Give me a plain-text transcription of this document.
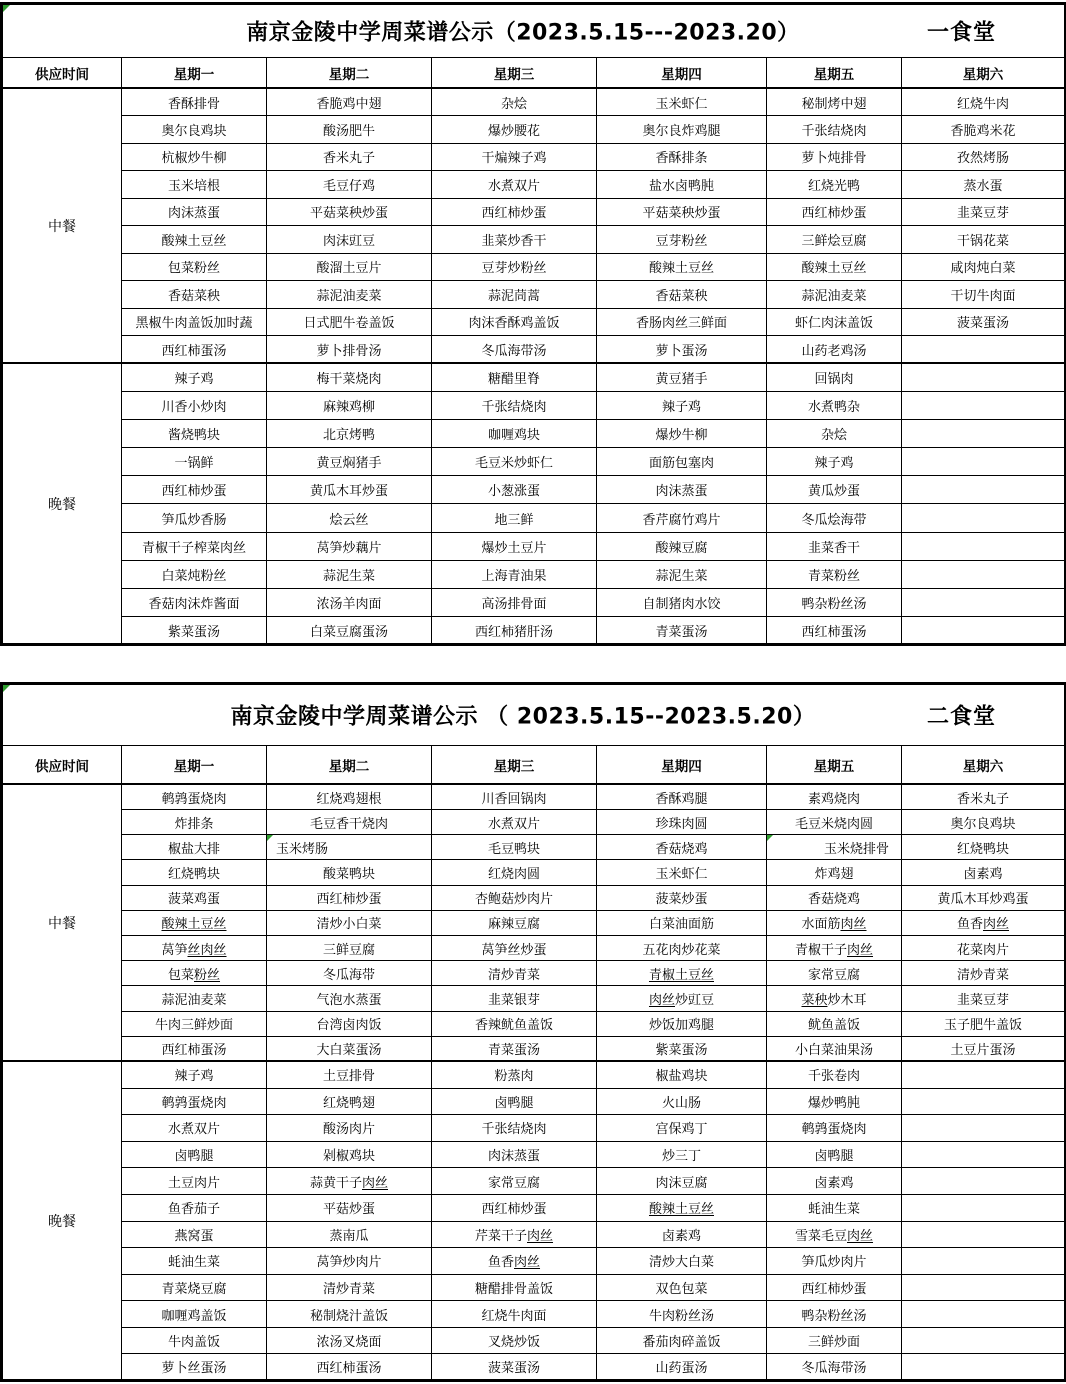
南京金陵中学周菜谱公示（2023.5.15---2023.20） 一食堂						

供应时间	星期一	星期二	星期三	星期四	星期五	星期六
中餐	香酥排骨	香脆鸡中翅	杂烩	玉米虾仁	秘制烤中翅	红烧牛肉
	奥尔良鸡块	酸汤肥牛	爆炒腰花	奥尔良炸鸡腿	千张结烧肉	香脆鸡米花
	杭椒炒牛柳	香米丸子	干煸辣子鸡	香酥排条	萝卜炖排骨	孜然烤肠
	玉米培根	毛豆仔鸡	水煮双片	盐水卤鸭肫	红烧光鸭	蒸水蛋
	肉沫蒸蛋	平菇菜秧炒蛋	西红柿炒蛋	平菇菜秧炒蛋	西红柿炒蛋	韭菜豆芽
	酸辣土豆丝	肉沫豇豆	韭菜炒香干	豆芽粉丝	三鲜烩豆腐	干锅花菜
	包菜粉丝	酸溜土豆片	豆芽炒粉丝	酸辣土豆丝	酸辣土豆丝	咸肉炖白菜
	香菇菜秧	蒜泥油麦菜	蒜泥茼蒿	香菇菜秧	蒜泥油麦菜	干切牛肉面
	黑椒牛肉盖饭加时蔬	日式肥牛卷盖饭	肉沫香酥鸡盖饭	香肠肉丝三鲜面	虾仁肉沫盖饭	菠菜蛋汤
	西红柿蛋汤	萝卜排骨汤	冬瓜海带汤	萝卜蛋汤	山药老鸡汤	
晚餐	辣子鸡	梅干菜烧肉	糖醋里脊	黄豆猪手	回锅肉	
	川香小炒肉	麻辣鸡柳	千张结烧肉	辣子鸡	水煮鸭杂	
	酱烧鸭块	北京烤鸭	咖喱鸡块	爆炒牛柳	杂烩	
	一锅鲜	黄豆焖猪手	毛豆米炒虾仁	面筋包塞肉	辣子鸡	
	西红柿炒蛋	黄瓜木耳炒蛋	小葱涨蛋	肉沫蒸蛋	黄瓜炒蛋	
	笋瓜炒香肠	烩云丝	地三鲜	香芹腐竹鸡片	冬瓜烩海带	
	青椒干子榨菜肉丝	莴笋炒藕片	爆炒土豆片	酸辣豆腐	韭菜香干	
	白菜炖粉丝	蒜泥生菜	上海青油果	蒜泥生菜	青菜粉丝	
	香菇肉沫炸酱面	浓汤羊肉面	高汤排骨面	自制猪肉水饺	鸭杂粉丝汤	
	紫菜蛋汤	白菜豆腐蛋汤	西红柿猪肝汤	青菜蛋汤	西红柿蛋汤	
南京金陵中学周菜谱公示 （ 2023.5.15--2023.5.20） 二食堂						

供应时间	星期一	星期二	星期三	星期四	星期五	星期六
中餐	鹌鹑蛋烧肉	红烧鸡翅根	川香回锅肉	香酥鸡腿	素鸡烧肉	香米丸子
	炸排条	毛豆香干烧肉	水煮双片	珍珠肉圆	毛豆米烧肉圆	奥尔良鸡块
	椒盐大排	玉米烤肠	毛豆鸭块	香菇烧鸡	玉米烧排骨	红烧鸭块
	红烧鸭块	酸菜鸭块	红烧肉圆	玉米虾仁	炸鸡翅	卤素鸡
	菠菜鸡蛋	西红柿炒蛋	杏鲍菇炒肉片	菠菜炒蛋	香菇烧鸡	黄瓜木耳炒鸡蛋
	酸辣土豆丝	清炒小白菜	麻辣豆腐	白菜油面筋	水面筋肉丝	鱼香肉丝
	莴笋丝肉丝	三鲜豆腐	莴笋丝炒蛋	五花肉炒花菜	青椒干子肉丝	花菜肉片
	包菜粉丝	冬瓜海带	清炒青菜	青椒土豆丝	家常豆腐	清炒青菜
	蒜泥油麦菜	气泡水蒸蛋	韭菜银芽	肉丝炒豇豆	菜秧炒木耳	韭菜豆芽
	牛肉三鲜炒面	台湾卤肉饭	香辣鱿鱼盖饭	炒饭加鸡腿	鱿鱼盖饭	玉子肥牛盖饭
	西红柿蛋汤	大白菜蛋汤	青菜蛋汤	紫菜蛋汤	小白菜油果汤	土豆片蛋汤
晚餐	辣子鸡	土豆排骨	粉蒸肉	椒盐鸡块	千张卷肉	
	鹌鹑蛋烧肉	红烧鸭翅	卤鸭腿	火山肠	爆炒鸭肫	
	水煮双片	酸汤肉片	千张结烧肉	宫保鸡丁	鹌鹑蛋烧肉	
	卤鸭腿	剁椒鸡块	肉沫蒸蛋	炒三丁	卤鸭腿	
	土豆肉片	蒜黄干子肉丝	家常豆腐	肉沫豆腐	卤素鸡	
	鱼香茄子	平菇炒蛋	西红柿炒蛋	酸辣土豆丝	蚝油生菜	
	燕窝蛋	蒸南瓜	芹菜干子肉丝	卤素鸡	雪菜毛豆肉丝	
	蚝油生菜	莴笋炒肉片	鱼香肉丝	清炒大白菜	笋瓜炒肉片	
	青菜烧豆腐	清炒青菜	糖醋排骨盖饭	双色包菜	西红柿炒蛋	
	咖喱鸡盖饭	秘制烧汁盖饭	红烧牛肉面	牛肉粉丝汤	鸭杂粉丝汤	
	牛肉盖饭	浓汤叉烧面	叉烧炒饭	番茄肉碎盖饭	三鲜炒面	
	萝卜丝蛋汤	西红柿蛋汤	菠菜蛋汤	山药蛋汤	冬瓜海带汤	
